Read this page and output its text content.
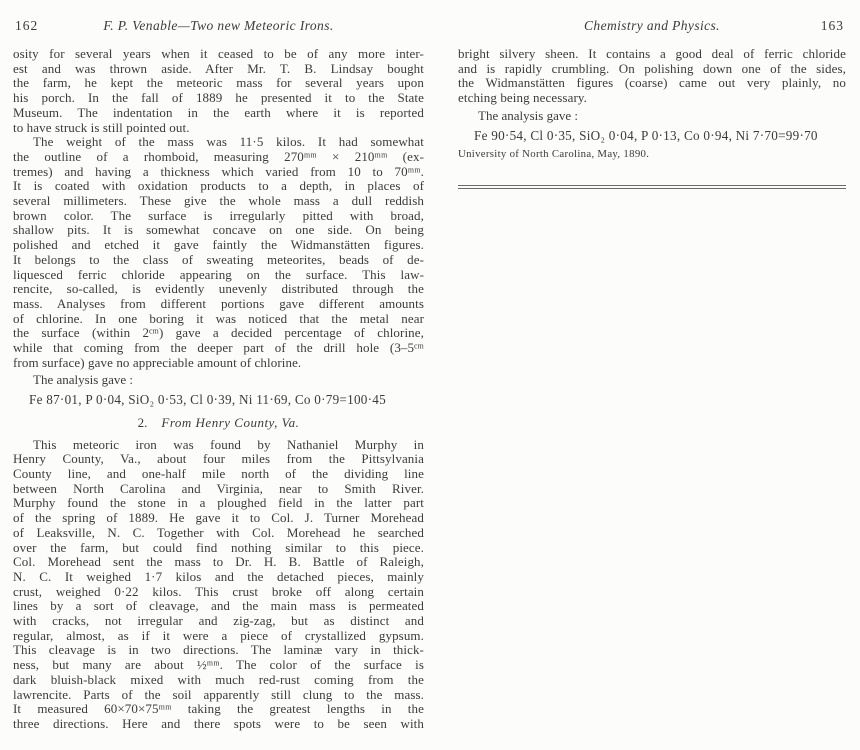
162	F. P. Venable—Two new Meteoric Irons.
osity for several years when it ceased to be of any more inter-
est and was thrown aside. After Mr. T. B. Lindsay bought
the farm, he kept the meteoric mass for several years upon
his porch. In the fall of 1889 he presented it to the State
Museum. The indentation in the earth where it is reported
to have struck is still pointed out.
The weight of the mass was 11·5 kilos. It had somewhat
the outline of a rhomboid, measuring 270ᵐᵐ × 210ᵐᵐ (ex-
tremes) and having a thickness which varied from 10 to 70ᵐᵐ.
It is coated with oxidation products to a depth, in places of
several millimeters. These give the whole mass a dull reddish
brown color. The surface is irregularly pitted with broad,
shallow pits. It is somewhat concave on one side. On being
polished and etched it gave faintly the Widmanstätten figures.
It belongs to the class of sweating meteorites, beads of de-
liquesced ferric chloride appearing on the surface. This law-
rencite, so-called, is evidently unevenly distributed through the
mass. Analyses from different portions gave different amounts
of chlorine. In one boring it was noticed that the metal near
the surface (within 2ᶜᵐ) gave a decided percentage of chlorine,
while that coming from the deeper part of the drill hole (3–5ᶜᵐ
from surface) gave no appreciable amount of chlorine.
The analysis gave :
Fe 87·01, P 0·04, SiO₂ 0·53, Cl 0·39, Ni 11·69, Co 0·79=100·45
2. From Henry County, Va.
This meteoric iron was found by Nathaniel Murphy in
Henry County, Va., about four miles from the Pittsylvania
County line, and one-half mile north of the dividing line
between North Carolina and Virginia, near to Smith River.
Murphy found the stone in a ploughed field in the latter part
of the spring of 1889. He gave it to Col. J. Turner Morehead
of Leaksville, N. C. Together with Col. Morehead he searched
over the farm, but could find nothing similar to this piece.
Col. Morehead sent the mass to Dr. H. B. Battle of Raleigh,
N. C. It weighed 1·7 kilos and the detached pieces, mainly
crust, weighed 0·22 kilos. This crust broke off along certain
lines by a sort of cleavage, and the main mass is permeated
with cracks, not irregular and zig-zag, but as distinct and
regular, almost, as if it were a piece of crystallized gypsum.
This cleavage is in two directions. The laminæ vary in thick-
ness, but many are about ½ᵐᵐ. The color of the surface is
dark bluish-black mixed with much red-rust coming from the
lawrencite. Parts of the soil apparently still clung to the mass.
It measured 60×70×75ᵐᵐ taking the greatest lengths in the
three directions. Here and there spots were to be seen with
Chemistry and Physics.	163
bright silvery sheen. It contains a good deal of ferric chloride
and is rapidly crumbling. On polishing down one of the sides,
the Widmanstätten figures (coarse) came out very plainly, no
etching being necessary.
The analysis gave :
Fe 90·54, Cl 0·35, SiO₂ 0·04, P 0·13, Co 0·94, Ni 7·70=99·70
University of North Carolina, May, 1890.
